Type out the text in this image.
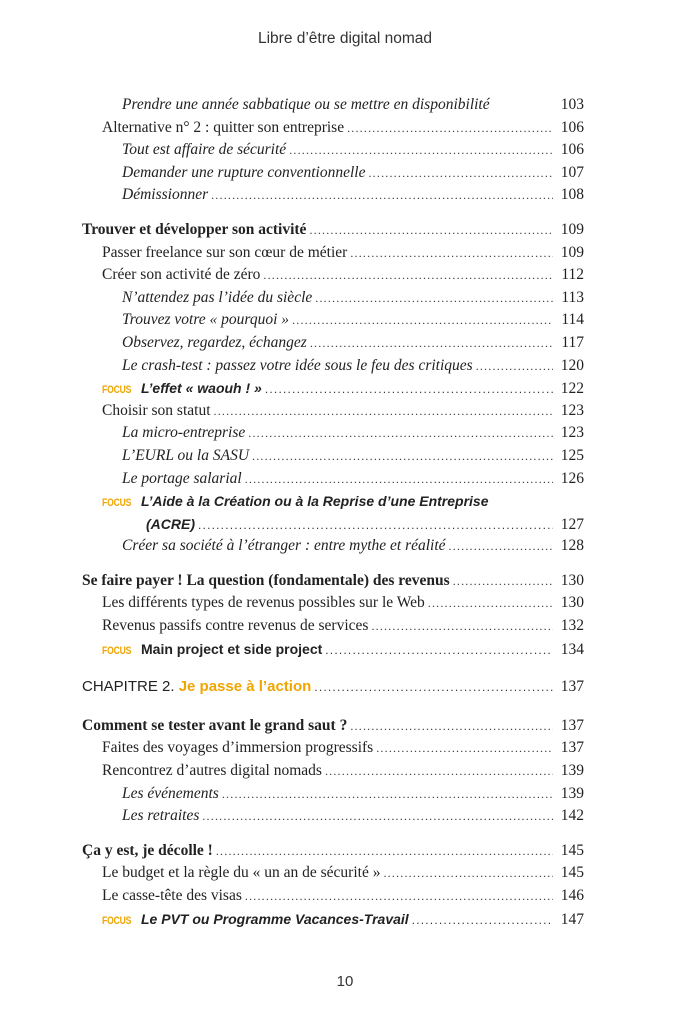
Libre d’être digital nomad
Prendre une année sabbatique ou se mettre en disponibilité	103
Alternative n° 2 : quitter son entreprise .....	106
Tout est affaire de sécurité .....	106
Demander une rupture conventionnelle .....	107
Démissionner .....	108
Trouver et développer son activité .....	109
Passer freelance sur son cœur de métier .....	109
Créer son activité de zéro .....	112
N’attendez pas l’idée du siècle .....	113
Trouvez votre « pourquoi » .....	114
Observez, regardez, échangez .....	117
Le crash-test : passez votre idée sous le feu des critiques .....	120
FOCUS L’effet « waouh ! » .....	122
Choisir son statut .....	123
La micro-entreprise .....	123
L’EURL ou la SASU .....	125
Le portage salarial .....	126
FOCUS L’Aide à la Création ou à la Reprise d’une Entreprise
(ACRE) .....	127
Créer sa société à l’étranger : entre mythe et réalité .....	128
Se faire payer ! La question (fondamentale) des revenus .....	130
Les différents types de revenus possibles sur le Web .....	130
Revenus passifs contre revenus de services .....	132
FOCUS Main project et side project .....	134
CHAPITRE 2. Je passe à l’action .....	137
Comment se tester avant le grand saut ? .....	137
Faites des voyages d’immersion progressifs .....	137
Rencontrez d’autres digital nomads .....	139
Les événements .....	139
Les retraites .....	142
Ça y est, je décolle ! .....	145
Le budget et la règle du « un an de sécurité » .....	145
Le casse-tête des visas .....	146
FOCUS Le PVT ou Programme Vacances-Travail .....	147
10
